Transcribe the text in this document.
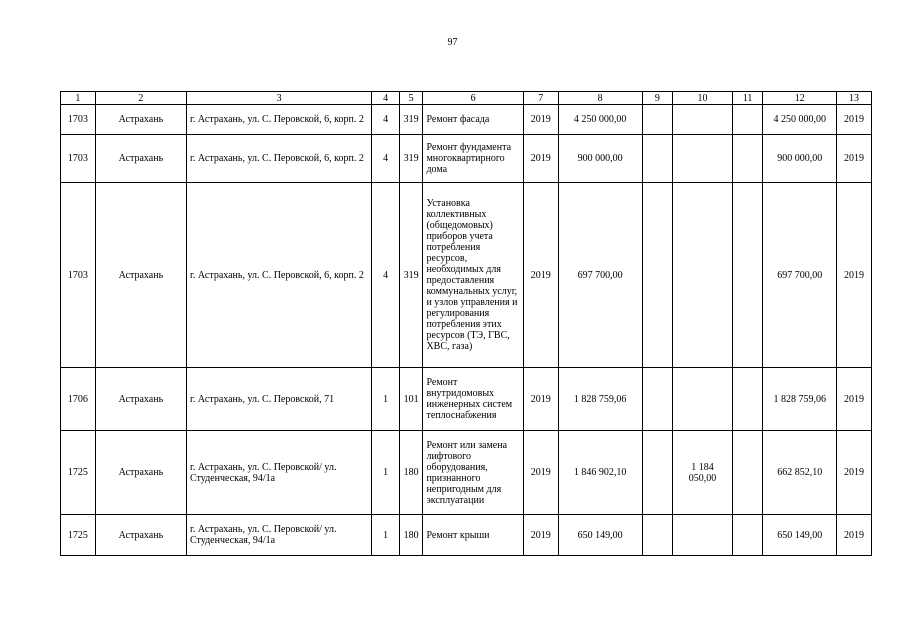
97
1	2	3	4	5	6	7	8	9	10	11	12	13
1703	Астрахань	г. Астрахань, ул. С. Перовской, 6, корп. 2	4	319	Ремонт фасада	2019	4 250 000,00				4 250 000,00	2019
1703	Астрахань	г. Астрахань, ул. С. Перовской, 6, корп. 2	4	319	Ремонт фундамента многоквартирного дома	2019	900 000,00				900 000,00	2019
1703	Астрахань	г. Астрахань, ул. С. Перовской, 6, корп. 2	4	319	Установка коллективных (общедомовых) приборов учета потребления ресурсов, необходимых для предоставления коммунальных услуг, и узлов управления и регулирования потребления этих ресурсов (ТЭ, ГВС, ХВС, газа)	2019	697 700,00				697 700,00	2019
1706	Астрахань	г. Астрахань, ул. С. Перовской, 71	1	101	Ремонт внутридомовых инженерных систем теплоснабжения	2019	1 828 759,06				1 828 759,06	2019
1725	Астрахань	г. Астрахань, ул. С. Перовской/ ул. Студенческая, 94/1а	1	180	Ремонт или замена лифтового оборудования, признанного непригодным для эксплуатации	2019	1 846 902,10		1 184 050,00		662 852,10	2019
1725	Астрахань	г. Астрахань, ул. С. Перовской/ ул. Студенческая, 94/1а	1	180	Ремонт крыши	2019	650 149,00				650 149,00	2019
